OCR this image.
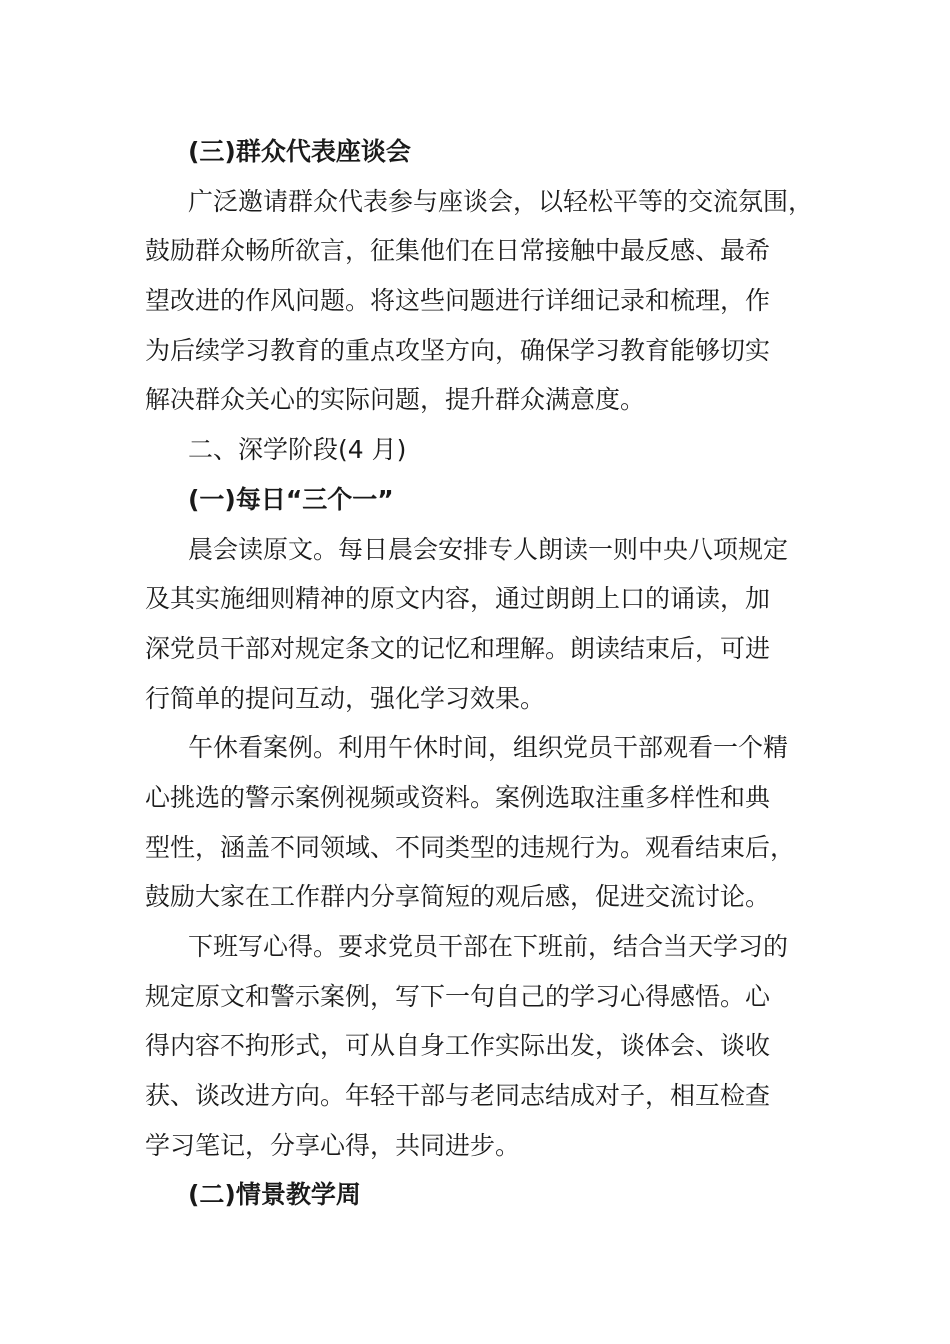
(三)群众代表座谈会
广泛邀请群众代表参与座谈会，以轻松平等的交流氛围，
鼓励群众畅所欲言，征集他们在日常接触中最反感、最希
望改进的作风问题。将这些问题进行详细记录和梳理，作
为后续学习教育的重点攻坚方向，确保学习教育能够切实
解决群众关心的实际问题，提升群众满意度。
二、深学阶段(4 月)
(一)每日“三个一”
晨会读原文。每日晨会安排专人朗读一则中央八项规定
及其实施细则精神的原文内容，通过朗朗上口的诵读，加
深党员干部对规定条文的记忆和理解。朗读结束后，可进
行简单的提问互动，强化学习效果。
午休看案例。利用午休时间，组织党员干部观看一个精
心挑选的警示案例视频或资料。案例选取注重多样性和典
型性，涵盖不同领域、不同类型的违规行为。观看结束后，
鼓励大家在工作群内分享简短的观后感，促进交流讨论。
下班写心得。要求党员干部在下班前，结合当天学习的
规定原文和警示案例，写下一句自己的学习心得感悟。心
得内容不拘形式，可从自身工作实际出发，谈体会、谈收
获、谈改进方向。年轻干部与老同志结成对子，相互检查
学习笔记，分享心得，共同进步。
(二)情景教学周
